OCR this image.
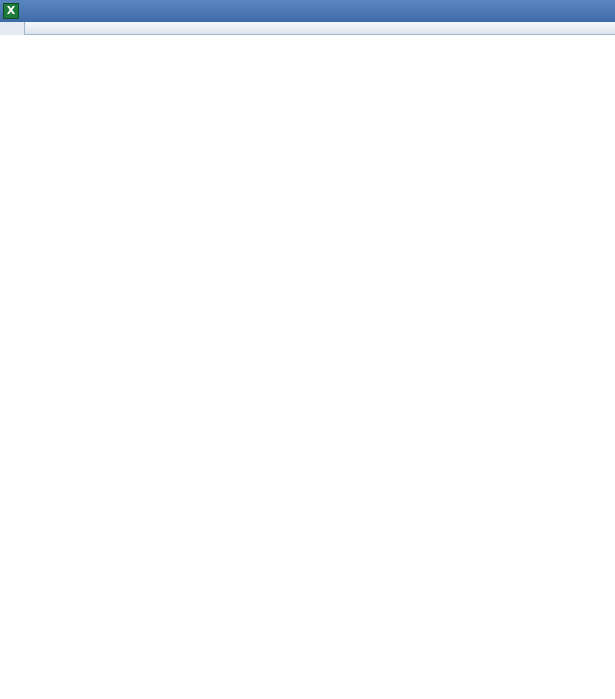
X
